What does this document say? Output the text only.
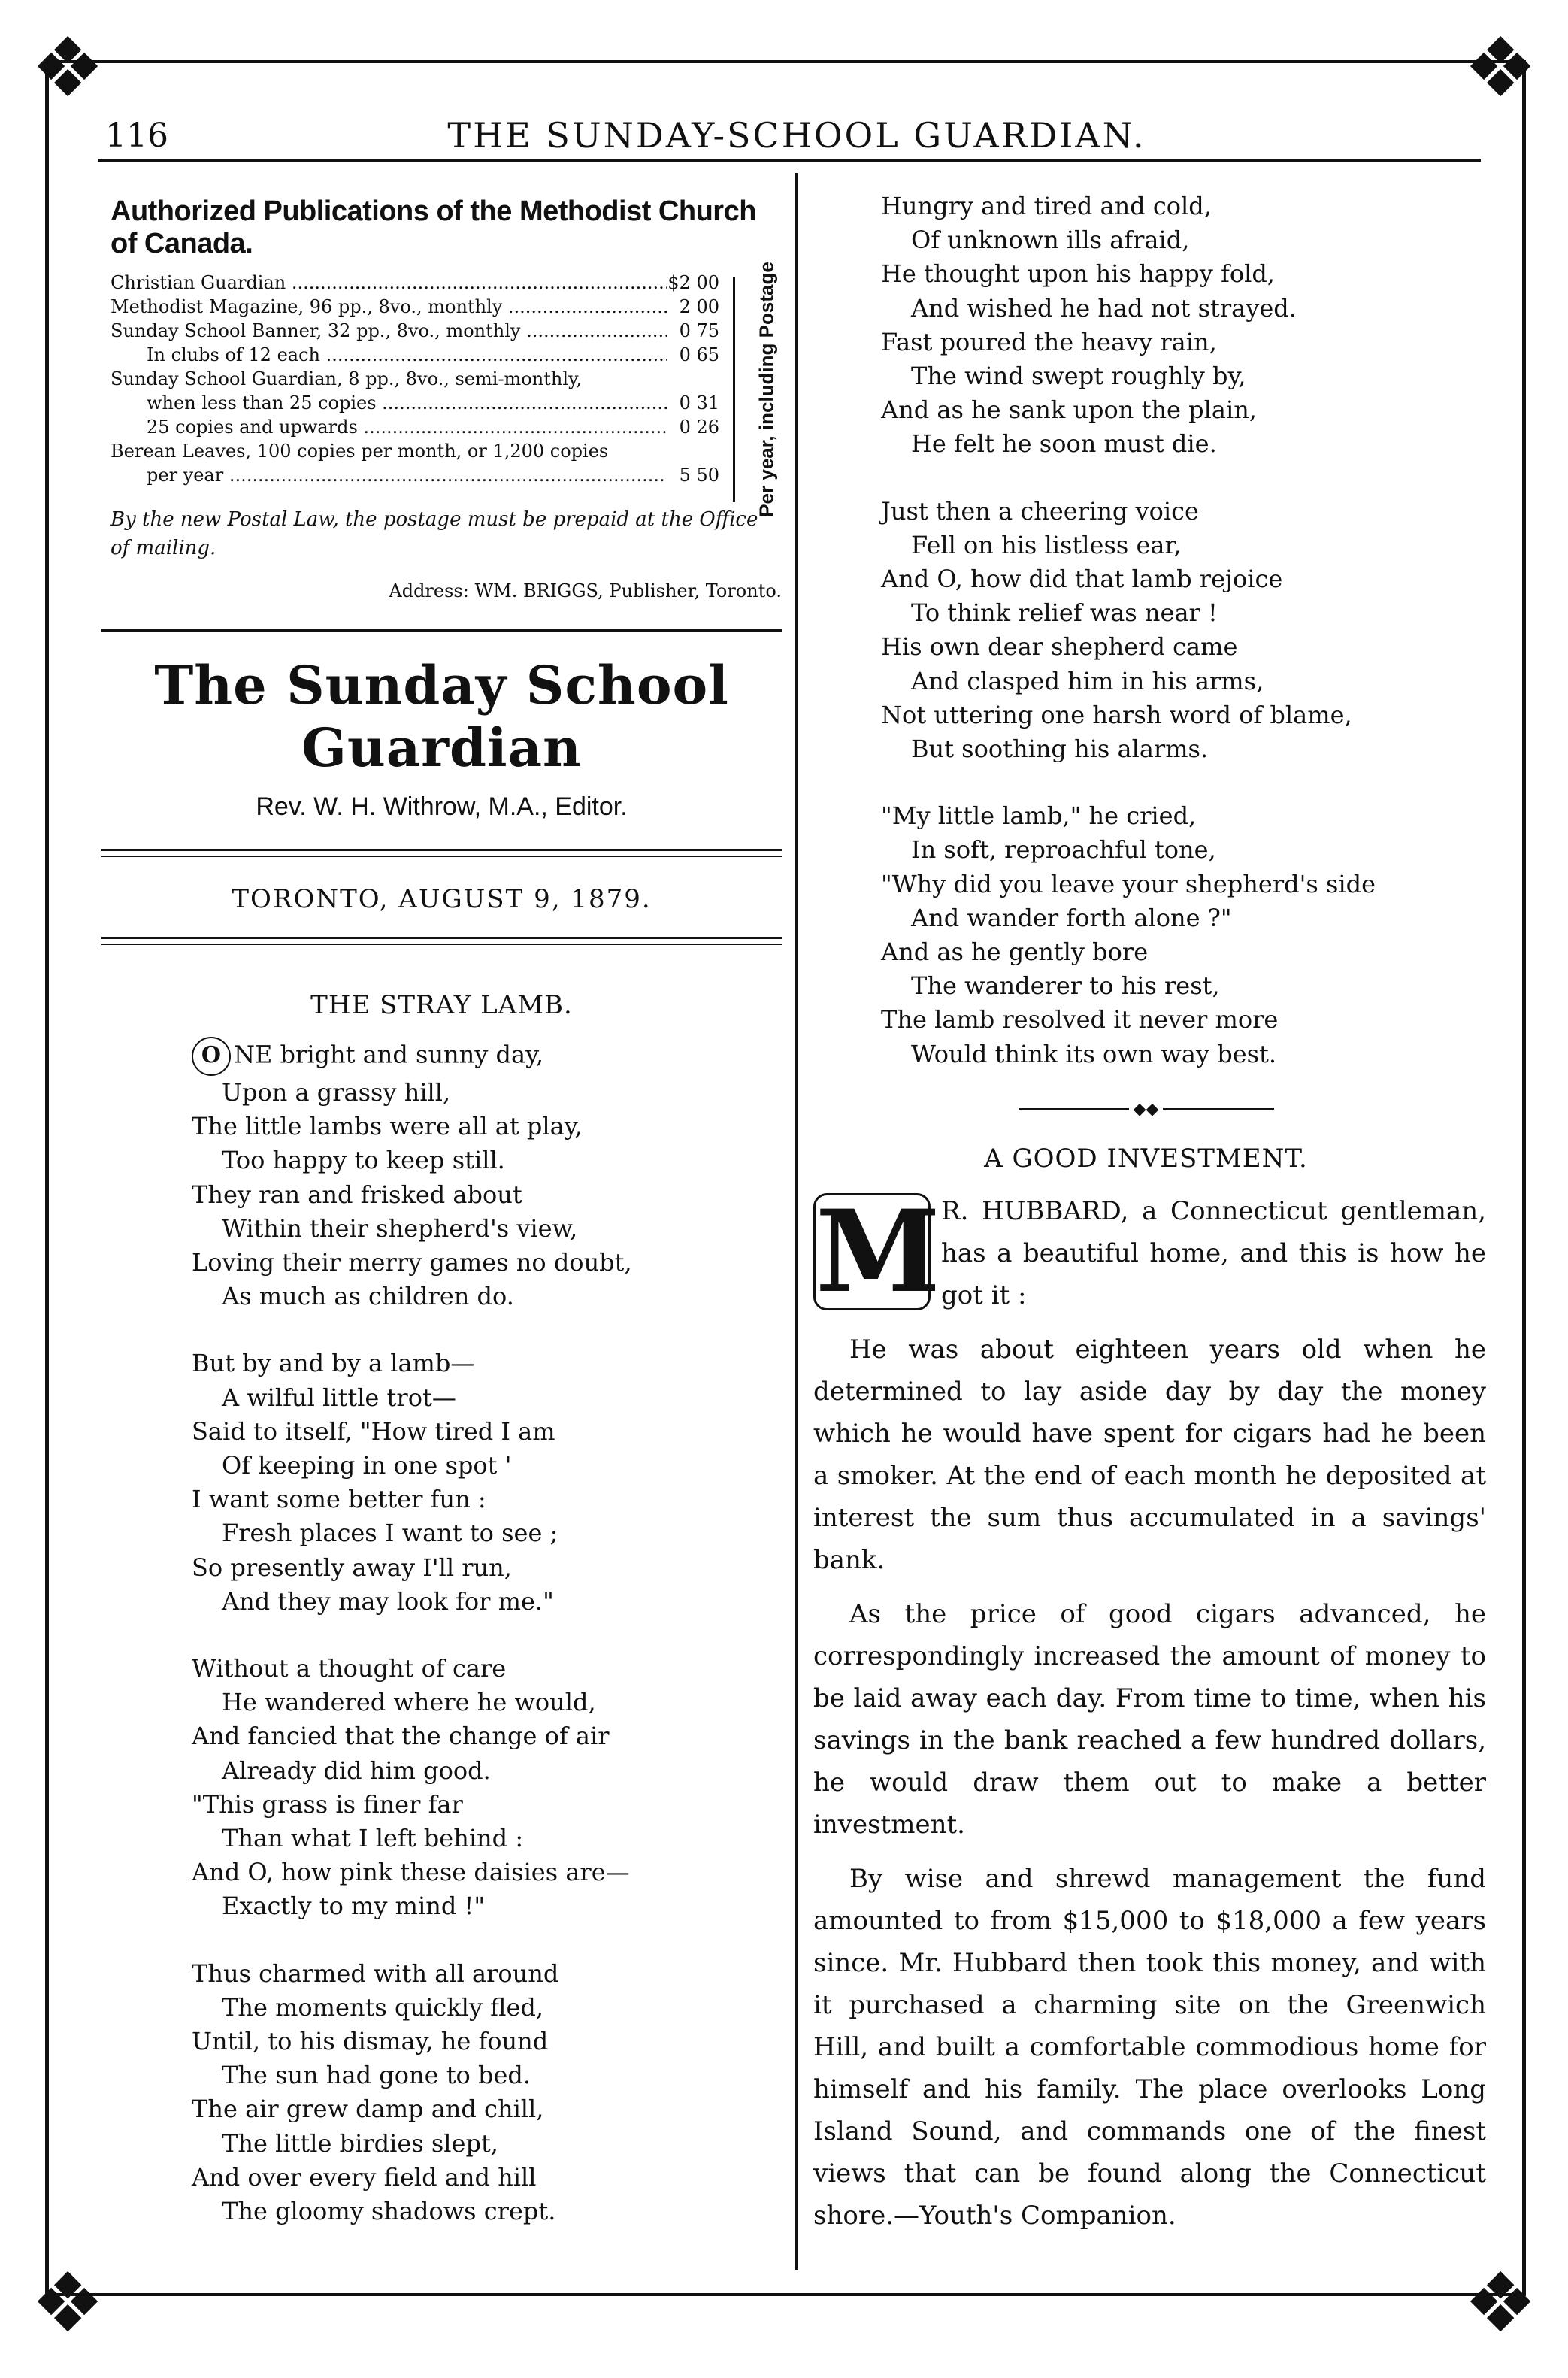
❖	❖
❖	❖
THE SUNDAY-SCHOOL GUARDIAN.
116
Authorized Publications of the Methodist Church of Canada.
Per year, including Postage
Christian Guardian .....	$2 00
Methodist Magazine, 96 pp., 8vo., monthly .....	2 00
Sunday School Banner, 32 pp., 8vo., monthly .....	0 75
In clubs of 12 each .....	0 65
Sunday School Guardian, 8 pp., 8vo., semi-monthly,
when less than 25 copies .....	0 31
25 copies and upwards .....	0 26
Berean Leaves, 100 copies per month, or 1,200 copies
per year .....	5 50
By the new Postal Law, the postage must be prepaid at the Office of mailing.
Address: WM. BRIGGS, Publisher, Toronto.
The Sunday School Guardian
Rev. W. H. Withrow, M.A., Editor.
TORONTO, AUGUST 9, 1879.
THE STRAY LAMB.
O NE bright and sunny day,
Upon a grassy hill,
The little lambs were all at play,
Too happy to keep still.
They ran and frisked about
Within their shepherd's view,
Loving their merry games no doubt,
As much as children do.
But by and by a lamb—
A wilful little trot—
Said to itself, "How tired I am
Of keeping in one spot '
I want some better fun :
Fresh places I want to see ;
So presently away I'll run,
And they may look for me."
Without a thought of care
He wandered where he would,
And fancied that the change of air
Already did him good.
"This grass is finer far
Than what I left behind :
And O, how pink these daisies are—
Exactly to my mind !"
Thus charmed with all around
The moments quickly fled,
Until, to his dismay, he found
The sun had gone to bed.
The air grew damp and chill,
The little birdies slept,
And over every field and hill
The gloomy shadows crept.
Hungry and tired and cold,
Of unknown ills afraid,
He thought upon his happy fold,
And wished he had not strayed.
Fast poured the heavy rain,
The wind swept roughly by,
And as he sank upon the plain,
He felt he soon must die.
Just then a cheering voice
Fell on his listless ear,
And O, how did that lamb rejoice
To think relief was near !
His own dear shepherd came
And clasped him in his arms,
Not uttering one harsh word of blame,
But soothing his alarms.
"My little lamb," he cried,
In soft, reproachful tone,
"Why did you leave your shepherd's side
And wander forth alone ?"
And as he gently bore
The wanderer to his rest,
The lamb resolved it never more
Would think its own way best.
◆◆
A GOOD INVESTMENT.

M R. HUBBARD, a Connecticut gentleman, has a beautiful home, and this is how he got it :

He was about eighteen years old when he determined to lay aside day by day the money which he would have spent for cigars had he been a smoker. At the end of each month he deposited at interest the sum thus accumulated in a savings' bank.

As the price of good cigars advanced, he correspondingly increased the amount of money to be laid away each day. From time to time, when his savings in the bank reached a few hundred dollars, he would draw them out to make a better investment.

By wise and shrewd management the fund amounted to from $15,000 to $18,000 a few years since. Mr. Hubbard then took this money, and with it purchased a charming site on the Greenwich Hill, and built a comfortable commodious home for himself and his family. The place overlooks Long Island Sound, and commands one of the finest views that can be found along the Connecticut shore.—Youth's Companion.
